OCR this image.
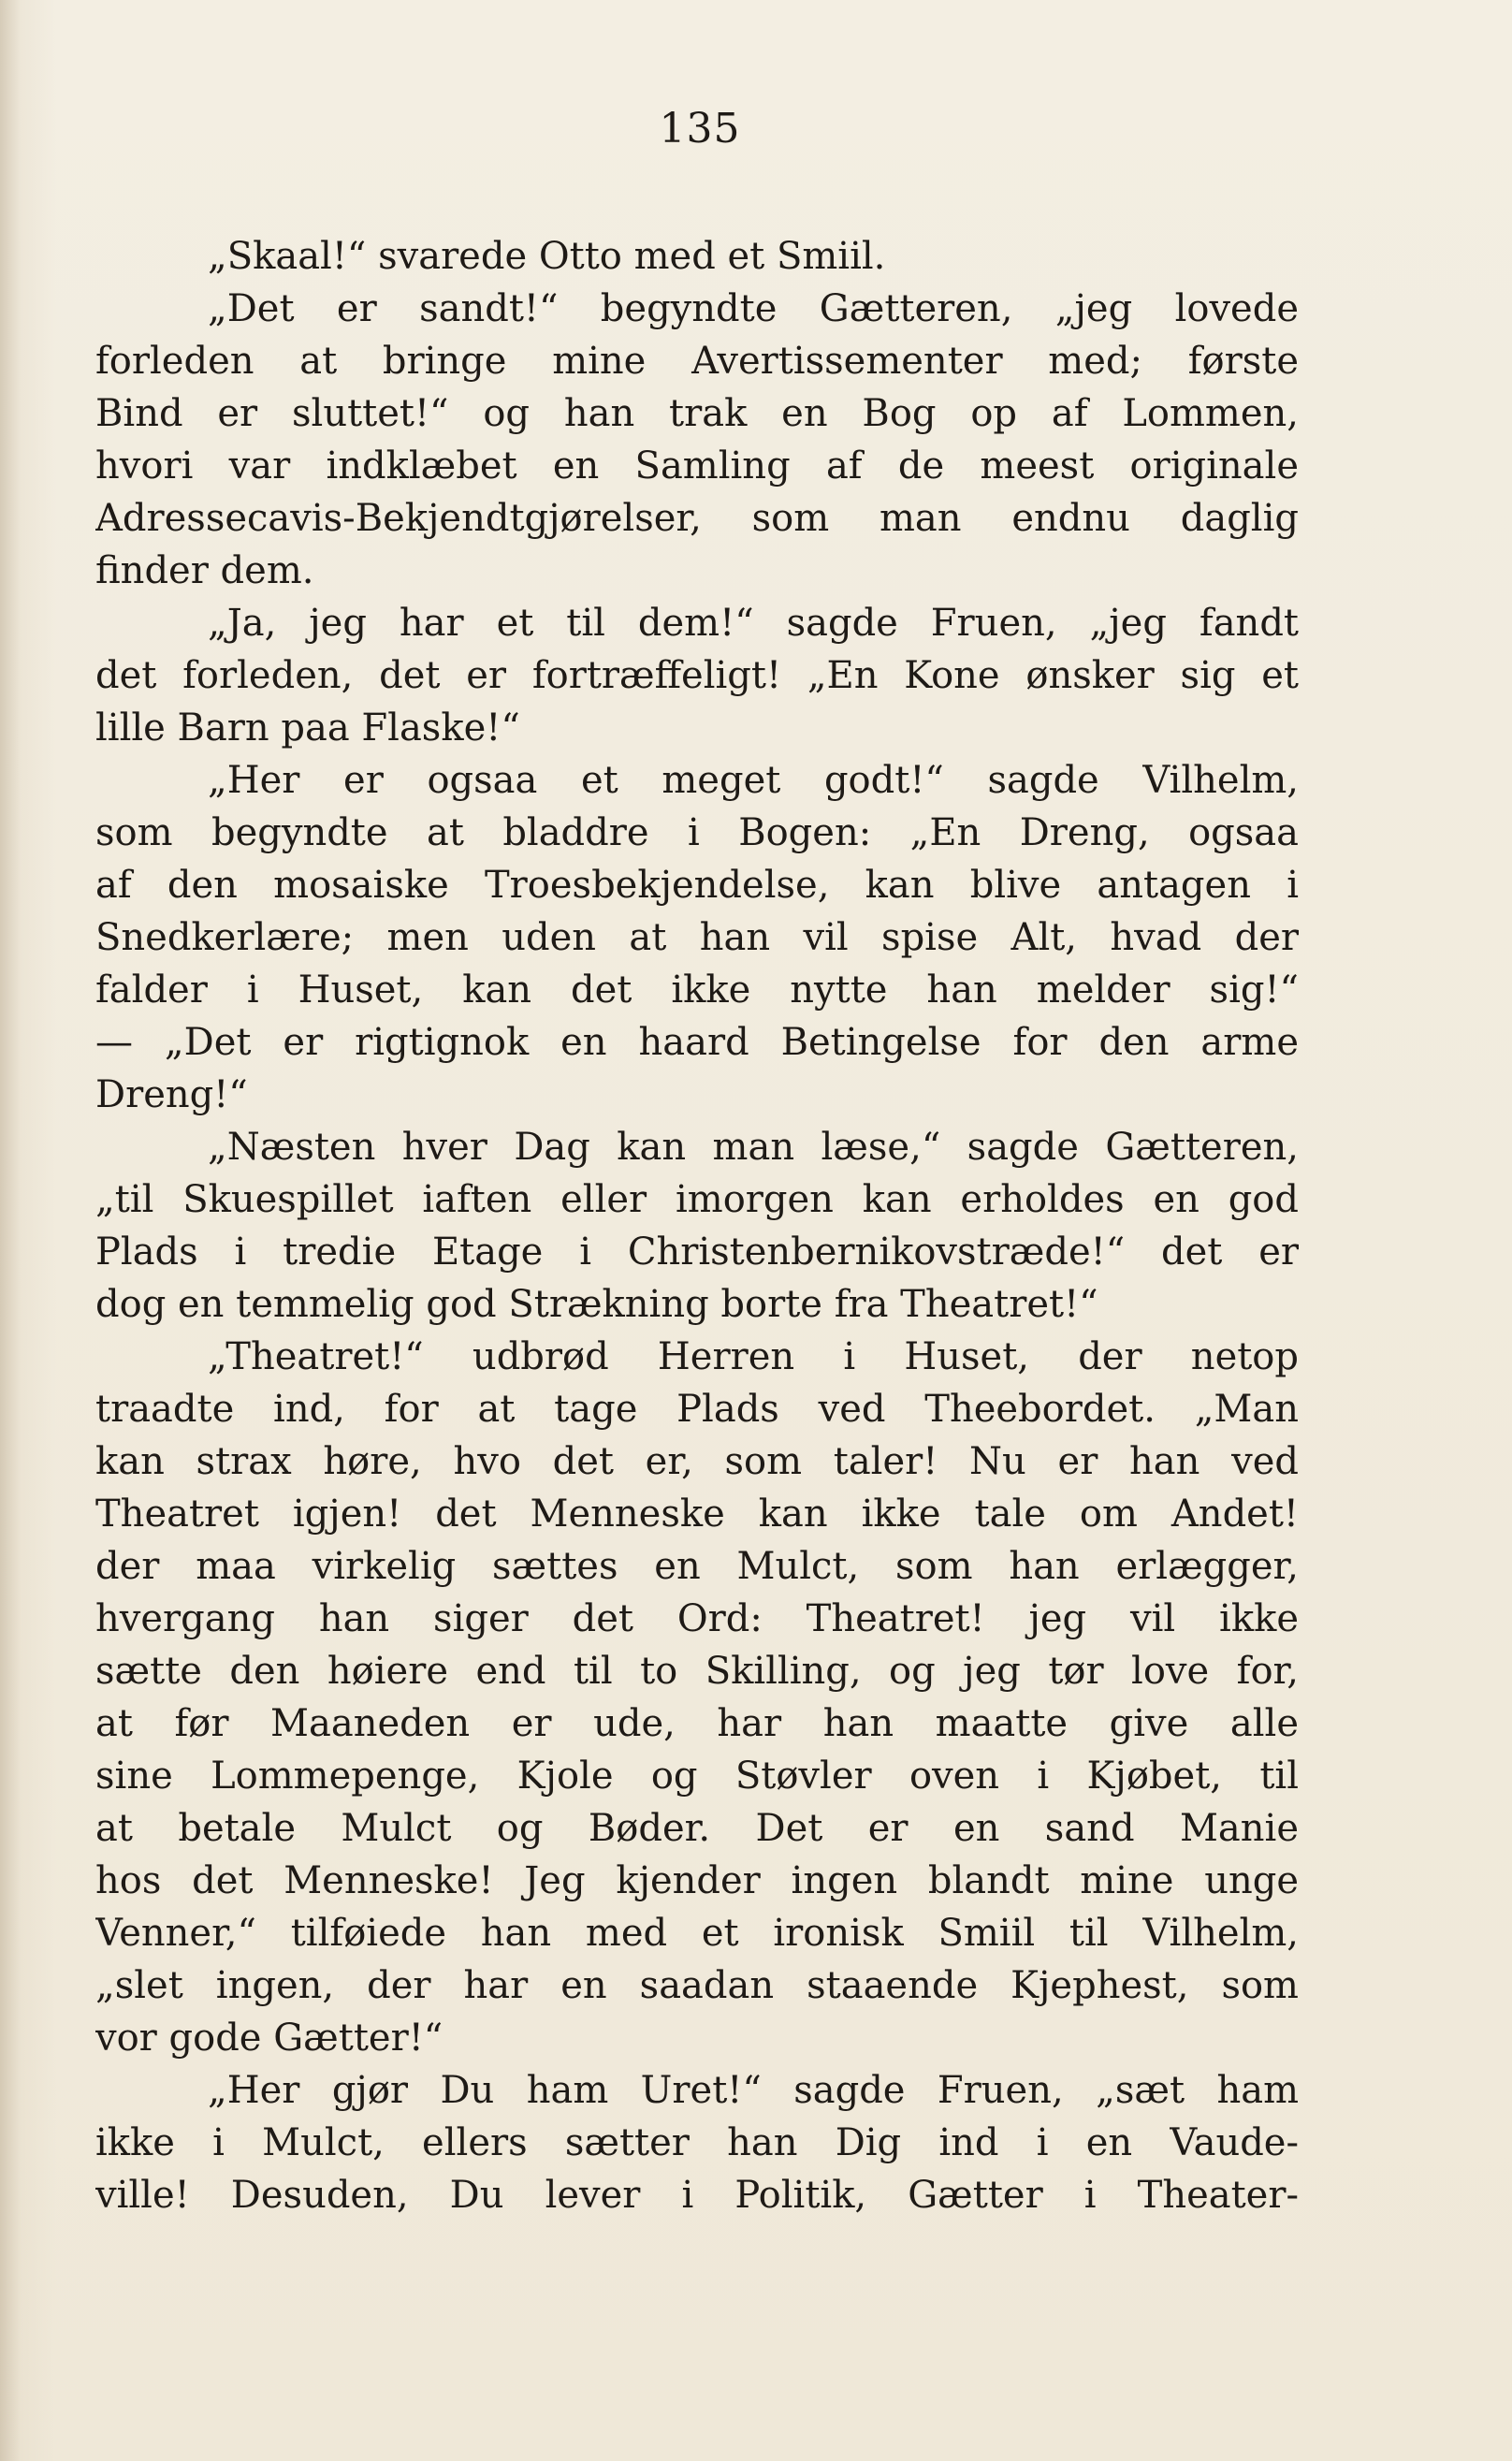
135
„Skaal!“ svarede Otto med et Smiil.
„Det er sandt!“ begyndte Gætteren, „jeg lovede
forleden at bringe mine Avertissementer med; første
Bind er sluttet!“ og han trak en Bog op af Lommen,
hvori var indklæbet en Samling af de meest originale
Adressecavis-Bekjendtgjørelser, som man endnu daglig
finder dem.
„Ja, jeg har et til dem!“ sagde Fruen, „jeg fandt
det forleden, det er fortræffeligt! „En Kone ønsker sig et
lille Barn paa Flaske!“
„Her er ogsaa et meget godt!“ sagde Vilhelm,
som begyndte at bladdre i Bogen: „En Dreng, ogsaa
af den mosaiske Troesbekjendelse, kan blive antagen i
Snedkerlære; men uden at han vil spise Alt, hvad der
falder i Huset, kan det ikke nytte han melder sig!“
— „Det er rigtignok en haard Betingelse for den arme
Dreng!“
„Næsten hver Dag kan man læse,“ sagde Gætteren,
„til Skuespillet iaften eller imorgen kan erholdes en god
Plads i tredie Etage i Christenbernikovstræde!“ det er
dog en temmelig god Strækning borte fra Theatret!“
„Theatret!“ udbrød Herren i Huset, der netop
traadte ind, for at tage Plads ved Theebordet. „Man
kan strax høre, hvo det er, som taler! Nu er han ved
Theatret igjen! det Menneske kan ikke tale om Andet!
der maa virkelig sættes en Mulct, som han erlægger,
hvergang han siger det Ord: Theatret! jeg vil ikke
sætte den høiere end til to Skilling, og jeg tør love for,
at før Maaneden er ude, har han maatte give alle
sine Lommepenge, Kjole og Støvler oven i Kjøbet, til
at betale Mulct og Bøder. Det er en sand Manie
hos det Menneske! Jeg kjender ingen blandt mine unge
Venner,“ tilføiede han med et ironisk Smiil til Vilhelm,
„slet ingen, der har en saadan staaende Kjephest, som
vor gode Gætter!“
„Her gjør Du ham Uret!“ sagde Fruen, „sæt ham
ikke i Mulct, ellers sætter han Dig ind i en Vaude-
ville! Desuden, Du lever i Politik, Gætter i Theater-
